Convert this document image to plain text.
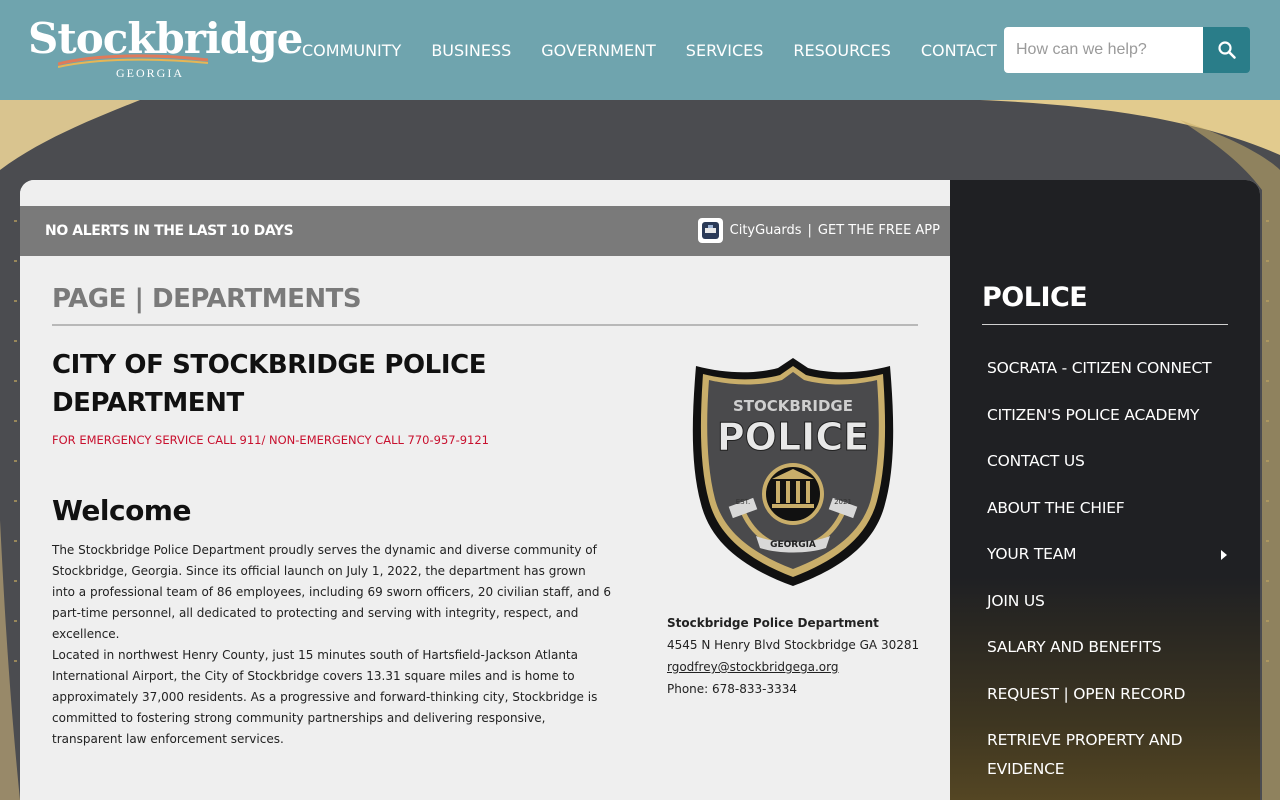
Stockbridge
GEORGIA
COMMUNITY BUSINESS GOVERNMENT SERVICES RESOURCES CONTACT
How can we help?
NO ALERTS IN THE LAST 10 DAYS	CityGuards | GET THE FREE APP
PAGE | DEPARTMENTS
CITY OF STOCKBRIDGE POLICE DEPARTMENT

FOR EMERGENCY SERVICE CALL 911/ NON-EMERGENCY CALL 770-957-9121

Welcome

The Stockbridge Police Department proudly serves the dynamic and diverse community of Stockbridge, Georgia. Since its official launch on July 1, 2022, the department has grown into a professional team of 86 employees, including 69 sworn officers, 20 civilian staff, and 6 part-time personnel, all dedicated to protecting and serving with integrity, respect, and excellence.

Located in northwest Henry County, just 15 minutes south of Hartsfield-Jackson Atlanta International Airport, the City of Stockbridge covers 13.31 square miles and is home to approximately 37,000 residents. As a progressive and forward-thinking city, Stockbridge is committed to fostering strong community partnerships and delivering responsive, transparent law enforcement services.

STOCKBRIDGE
POLICE
EST.	2021
GEORGIA
Stockbridge Police Department
4545 N Henry Blvd Stockbridge GA 30281
rgodfrey@stockbridgega.org
Phone: 678-833-3334
POLICE
SOCRATA - CITIZEN CONNECT
CITIZEN'S POLICE ACADEMY
CONTACT US
ABOUT THE CHIEF
YOUR TEAM
JOIN US
SALARY AND BENEFITS
REQUEST | OPEN RECORD
RETRIEVE PROPERTY AND EVIDENCE
